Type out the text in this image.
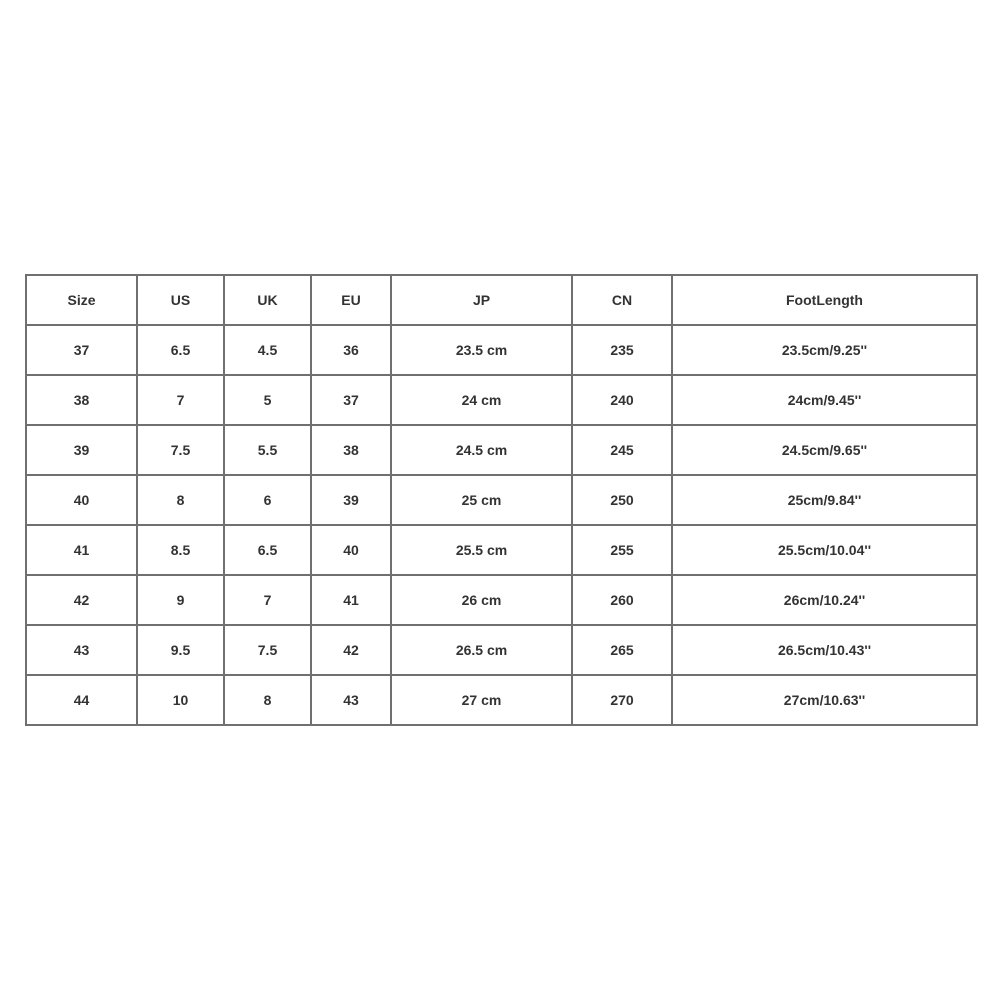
Size	US	UK	EU	JP	CN	FootLength
37	6.5	4.5	36	23.5 cm	235	23.5cm/9.25''
38	7	5	37	24 cm	240	24cm/9.45''
39	7.5	5.5	38	24.5 cm	245	24.5cm/9.65''
40	8	6	39	25 cm	250	25cm/9.84''
41	8.5	6.5	40	25.5 cm	255	25.5cm/10.04''
42	9	7	41	26 cm	260	26cm/10.24''
43	9.5	7.5	42	26.5 cm	265	26.5cm/10.43''
44	10	8	43	27 cm	270	27cm/10.63''
